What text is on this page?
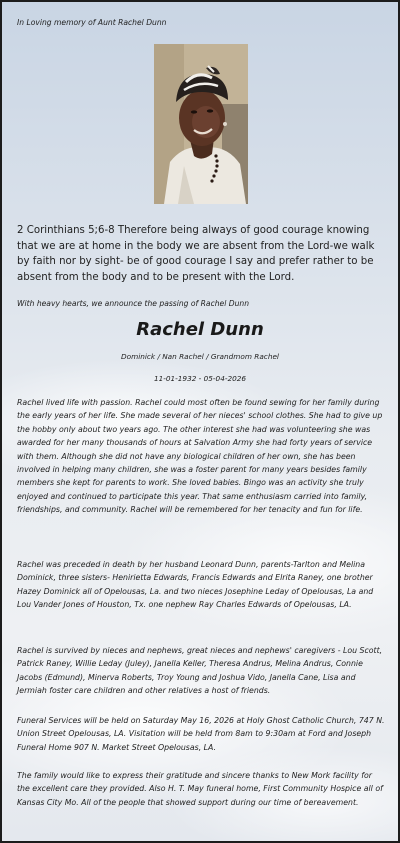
In Loving memory of Aunt Rachel Dunn
2 Corinthians 5;6-8 Therefore being always of good courage knowing that we are at home in the body we are absent from the Lord-we walk by faith nor by sight- be of good courage I say and prefer rather to be absent from the body and to be present with the Lord.
With heavy hearts, we announce the passing of Rachel Dunn
Rachel Dunn
Dominick / Nan Rachel / Grandmom Rachel
11-01-1932 - 05-04-2026

Rachel lived life with passion. Rachel could most often be found sewing for her family during the early years of her life. She made several of her nieces' school clothes. She had to give up the hobby only about two years ago. The other interest she had was volunteering she was awarded for her many thousands of hours at Salvation Army she had forty years of service with them. Although she did not have any biological children of her own, she has been involved in helping many children, she was a foster parent for many years besides family members she kept for parents to work. She loved babies. Bingo was an activity she truly enjoyed and continued to participate this year. That same enthusiasm carried into family, friendships, and community. Rachel will be remembered for her tenacity and fun for life.

Rachel was preceded in death by her husband Leonard Dunn, parents-Tarlton and Melina Dominick, three sisters- Henirietta Edwards, Francis Edwards and Elrita Raney, one brother Hazey Dominick all of Opelousas, La. and two nieces Josephine Leday of Opelousas, La and Lou Vander Jones of Houston, Tx. one nephew Ray Charles Edwards of Opelousas, LA.

Rachel is survived by nieces and nephews, great nieces and nephews' caregivers - Lou Scott, Patrick Raney, Willie Leday (Juley), Janella Keller, Theresa Andrus, Melina Andrus, Connie Jacobs (Edmund), Minerva Roberts, Troy Young and Joshua Vido, Janella Cane, Lisa and Jermiah foster care children and other relatives a host of friends.

Funeral Services will be held on Saturday May 16, 2026 at Holy Ghost Catholic Church, 747 N. Union Street Opelousas, LA. Visitation will be held from 8am to 9:30am at Ford and Joseph Funeral Home 907 N. Market Street Opelousas, LA.

The family would like to express their gratitude and sincere thanks to New Mork facility for the excellent care they provided. Also H. T. May funeral home, First Community Hospice all of Kansas City Mo. All of the people that showed support during our time of bereavement.
